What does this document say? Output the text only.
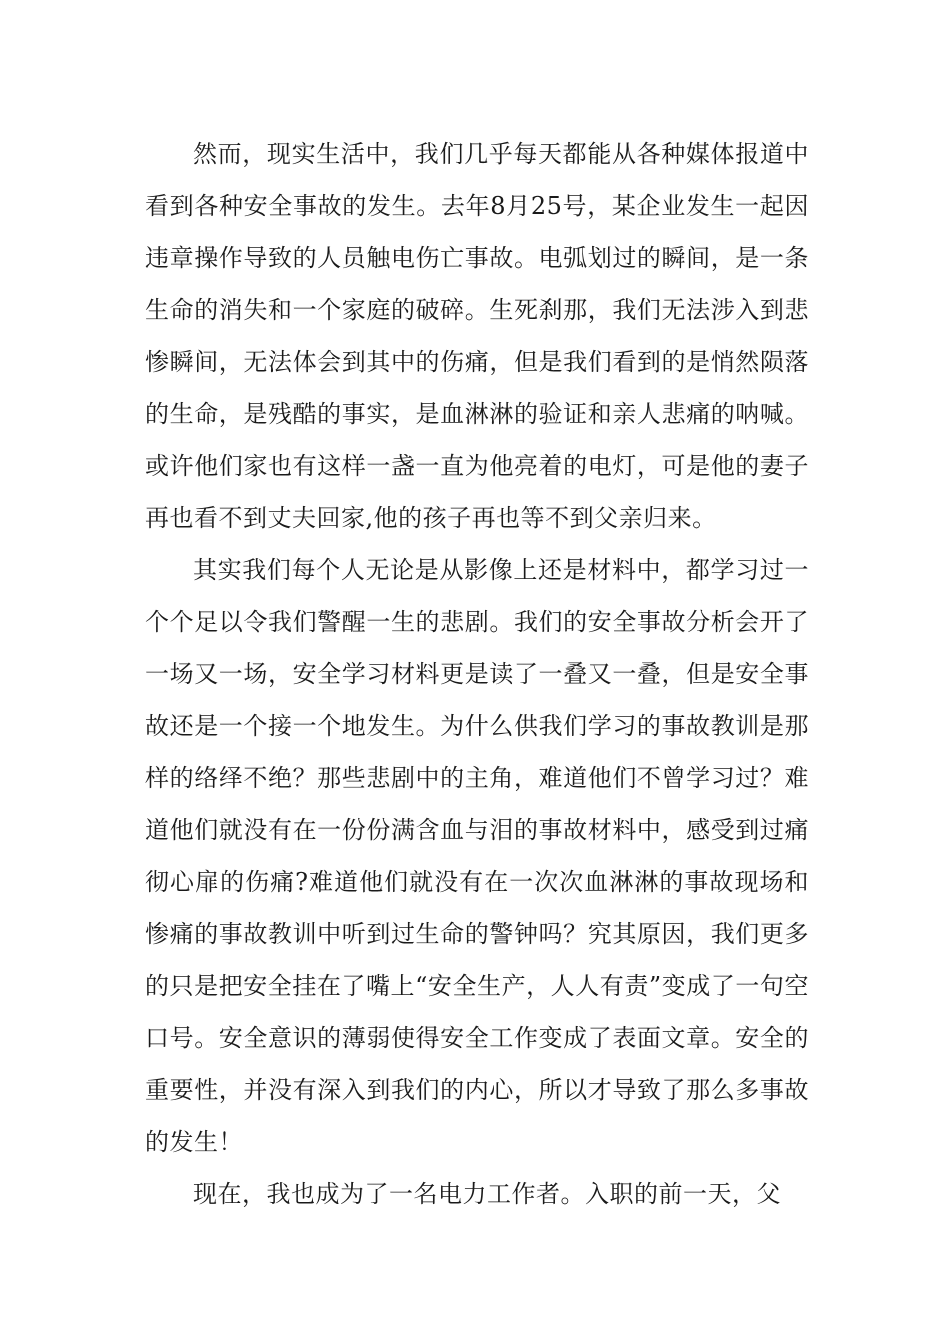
然而，现实生活中，我们几乎每天都能从各种媒体报道中看到各种安全事故的发生。去年8月25号，某企业发生一起因违章操作导致的人员触电伤亡事故。电弧划过的瞬间，是一条生命的消失和一个家庭的破碎。生死刹那，我们无法涉入到悲惨瞬间，无法体会到其中的伤痛，但是我们看到的是悄然陨落的生命，是残酷的事实，是血淋淋的验证和亲人悲痛的呐喊。或许他们家也有这样一盏一直为他亮着的电灯，可是他的妻子再也看不到丈夫回家,他的孩子再也等不到父亲归来。

其实我们每个人无论是从影像上还是材料中，都学习过一个个足以令我们警醒一生的悲剧。我们的安全事故分析会开了一场又一场，安全学习材料更是读了一叠又一叠，但是安全事故还是一个接一个地发生。为什么供我们学习的事故教训是那样的络绎不绝？那些悲剧中的主角，难道他们不曾学习过？难道他们就没有在一份份满含血与泪的事故材料中，感受到过痛彻心扉的伤痛?难道他们就没有在一次次血淋淋的事故现场和惨痛的事故教训中听到过生命的警钟吗？究其原因，我们更多的只是把安全挂在了嘴上“安全生产，人人有责”变成了一句空口号。安全意识的薄弱使得安全工作变成了表面文章。安全的重要性，并没有深入到我们的内心，所以才导致了那么多事故的发生！

现在，我也成为了一名电力工作者。入职的前一天，父
